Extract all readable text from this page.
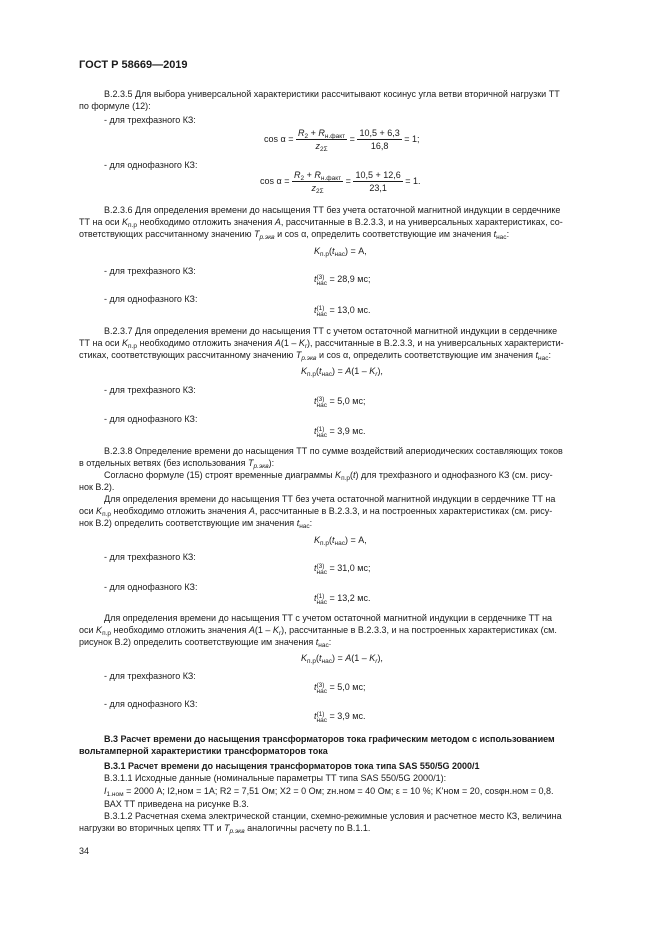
ГОСТ Р 58669—2019
В.2.3.5 Для выбора универсальной характеристики рассчитывают косинус угла ветви вторичной нагрузки ТТ
по формуле (12):
- для трехфазного КЗ:
$\cos \alpha = \frac{R_2 + R_{н.факт}}{z_{2\Sigma}} = \frac{10,5 + 6,3}{16,8} = 1$;
- для однофазного КЗ:
$\cos \alpha = \frac{R_2 + R_{н.факт}}{z_{2\Sigma}} = \frac{10,5 + 12,6}{23,1} = 1$.
В.2.3.6 Для определения времени до насыщения ТТ без учета остаточной магнитной индукции в сердечнике
ТТ на оси $K_{п.р}$ необходимо отложить значения А, рассчитанные в В.2.3.3, и на универсальных характеристиках, со-
ответствующих рассчитанному значению $T_{р.экв}$ и cos α, определить соответствующие им значения $t_{нас}$:
$K_{п.р}(t_{нас}) = А$,
- для трехфазного КЗ:
t (3)
нас = 28,9 мс;
- для однофазного КЗ:
t (1)
нас = 13,0 мс.
В.2.3.7 Для определения времени до насыщения ТТ с учетом остаточной магнитной индукции в сердечнике
ТТ на оси $K_{п.р}$ необходимо отложить значения $А(1 - K_r)$, рассчитанные в В.2.3.3, и на универсальных характеристи-
стиках, соответствующих рассчитанному значению $T_{р.экв}$ и cos α, определить соответствующие им значения $t_{нас}$:
$K_{п.р}(t_{нас}) = A(1 - K_r)$,
- для трехфазного КЗ:
t (3)
нас = 5,0 мс;
- для однофазного КЗ:
t (1)
нас = 3,9 мс.
В.2.3.8 Определение времени до насыщения ТТ по сумме воздействий апериодических составляющих токов
в отдельных ветвях (без использования $T_{р.экв}$):
Согласно формуле (15) строят временные диаграммы $K_{п.р}(t)$ для трехфазного и однофазного КЗ (см. рису-
нок В.2).
Для определения времени до насыщения ТТ без учета остаточной магнитной индукции в сердечнике ТТ на
оси $K_{п.р}$ необходимо отложить значения А, рассчитанные в В.2.3.3, и на построенных характеристиках (см. рису-
нок В.2) определить соответствующие им значения $t_{нас}$:
$K_{п.р}(t_{нас}) = А$,
- для трехфазного КЗ:
t (3)
нас = 31,0 мс;
- для однофазного КЗ:
t (1)
нас = 13,2 мс.
Для определения времени до насыщения ТТ с учетом остаточной магнитной индукции в сердечнике ТТ на
оси $K_{п.р}$ необходимо отложить значения $A(1 - K_r)$, рассчитанные в В.2.3.3, и на построенных характеристиках (см.
рисунок В.2) определить соответствующие им значения $t_{нас}$:
$K_{п.р}(t_{нас}) = A(1 - K_r)$,
- для трехфазного КЗ:
t (3)
нас = 5,0 мс;
- для однофазного КЗ:
t (1)
нас = 3,9 мс.
В.3 Расчет времени до насыщения трансформаторов тока графическим методом с использованием
вольтамперной характеристики трансформаторов тока
В.3.1 Расчет времени до насыщения трансформаторов тока типа SAS 550/5G 2000/1
В.3.1.1 Исходные данные (номинальные параметры ТТ типа SAS 550/5G 2000/1):
$I_{1.ном} = 2000$ А; I2,ном = 1А; R2 = 7,51 Ом; X2 = 0 Ом; zн.ном = 40 Ом; ε = 10 %; K'ном = 20, cosφн.ном = 0,8.
ВАХ ТТ приведена на рисунке В.3.
В.3.1.2 Расчетная схема электрической станции, схемно-режимные условия и расчетное место КЗ, величина
нагрузки во вторичных цепях ТТ и $T_{р.экв}$ аналогичны расчету по В.1.1.
34
